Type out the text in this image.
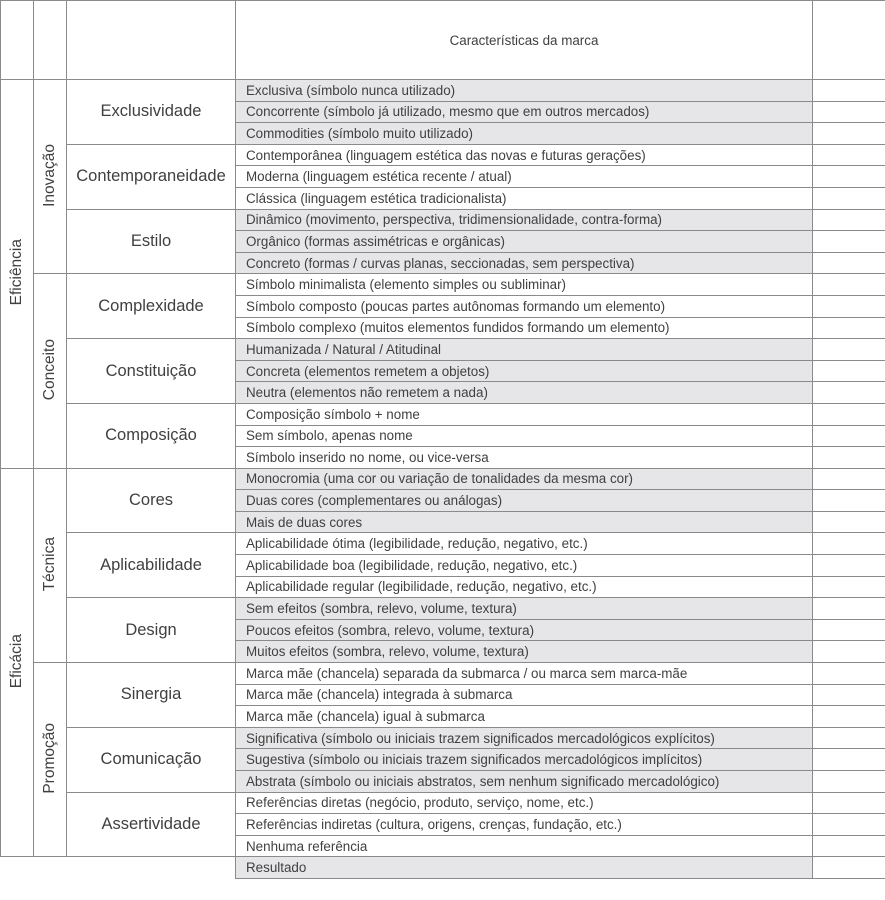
			Características da marca	
Eficiência	Inovação	Exclusividade	Exclusiva (símbolo nunca utilizado)	
			Concorrente (símbolo já utilizado, mesmo que em outros mercados)	
			Commodities (símbolo muito utilizado)	
		Contemporaneidade	Contemporânea (linguagem estética das novas e futuras gerações)	
			Moderna (linguagem estética recente / atual)	
			Clássica (linguagem estética tradicionalista)	
		Estilo	Dinâmico (movimento, perspectiva, tridimensionalidade, contra-forma)	
			Orgânico (formas assimétricas e orgânicas)	
			Concreto (formas / curvas planas, seccionadas, sem perspectiva)	
	Conceito	Complexidade	Símbolo minimalista (elemento simples ou subliminar)	
			Símbolo composto (poucas partes autônomas formando um elemento)	
			Símbolo complexo (muitos elementos fundidos formando um elemento)	
		Constituição	Humanizada / Natural / Atitudinal	
			Concreta (elementos remetem a objetos)	
			Neutra (elementos não remetem a nada)	
		Composição	Composição símbolo + nome	
			Sem símbolo, apenas nome	
			Símbolo inserido no nome, ou vice-versa	
Eficácia	Técnica	Cores	Monocromia (uma cor ou variação de tonalidades da mesma cor)	
			Duas cores (complementares ou análogas)	
			Mais de duas cores	
		Aplicabilidade	Aplicabilidade ótima (legibilidade, redução, negativo, etc.)	
			Aplicabilidade boa (legibilidade, redução, negativo, etc.)	
			Aplicabilidade regular (legibilidade, redução, negativo, etc.)	
		Design	Sem efeitos (sombra, relevo, volume, textura)	
			Poucos efeitos (sombra, relevo, volume, textura)	
			Muitos efeitos (sombra, relevo, volume, textura)	
	Promoção	Sinergia	Marca mãe (chancela) separada da submarca / ou marca sem marca-mãe	
			Marca mãe (chancela) integrada à submarca	
			Marca mãe (chancela) igual à submarca	
		Comunicação	Significativa (símbolo ou iniciais trazem significados mercadológicos explícitos)	
			Sugestiva (símbolo ou iniciais trazem significados mercadológicos implícitos)	
			Abstrata (símbolo ou iniciais abstratos, sem nenhum significado mercadológico)	
		Assertividade	Referências diretas (negócio, produto, serviço, nome, etc.)	
			Referências indiretas (cultura, origens, crenças, fundação, etc.)	
			Nenhuma referência	
			Resultado	
